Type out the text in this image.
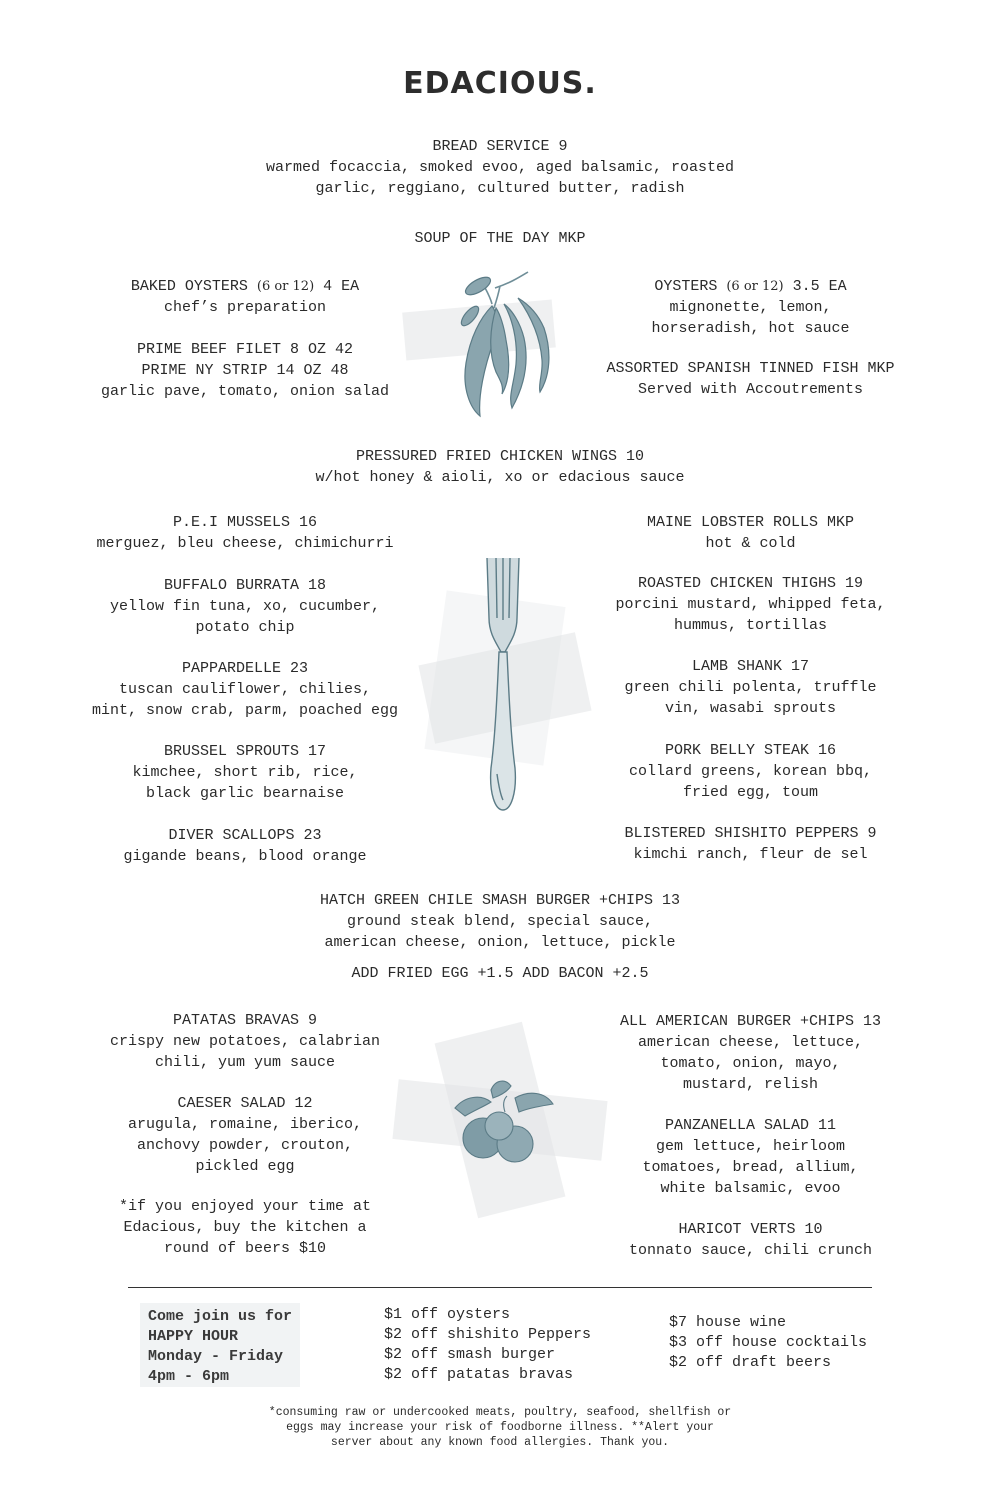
EDACIOUS.
BREAD SERVICE 9
warmed focaccia, smoked evoo, aged balsamic, roasted
garlic, reggiano, cultured butter, radish
SOUP OF THE DAY MKP
BAKED OYSTERS (6 or 12) 4 EA
chef’s preparation
PRIME BEEF FILET 8 OZ 42
PRIME NY STRIP 14 OZ 48
garlic pave, tomato, onion salad
OYSTERS (6 or 12) 3.5 EA
mignonette, lemon,
horseradish, hot sauce
ASSORTED SPANISH TINNED FISH MKP
Served with Accoutrements
PRESSURED FRIED CHICKEN WINGS 10
w/hot honey & aioli, xo or edacious sauce
P.E.I MUSSELS 16
merguez, bleu cheese, chimichurri
BUFFALO BURRATA 18
yellow fin tuna, xo, cucumber,
potato chip
PAPPARDELLE 23
tuscan cauliflower, chilies,
mint, snow crab, parm, poached egg
BRUSSEL SPROUTS 17
kimchee, short rib, rice,
black garlic bearnaise
DIVER SCALLOPS 23
gigande beans, blood orange
MAINE LOBSTER ROLLS MKP
hot & cold
ROASTED CHICKEN THIGHS 19
porcini mustard, whipped feta,
hummus, tortillas
LAMB SHANK 17
green chili polenta, truffle
vin, wasabi sprouts
PORK BELLY STEAK 16
collard greens, korean bbq,
fried egg, toum
BLISTERED SHISHITO PEPPERS 9
kimchi ranch, fleur de sel
HATCH GREEN CHILE SMASH BURGER +CHIPS 13
ground steak blend, special sauce,
american cheese, onion, lettuce, pickle
ADD FRIED EGG +1.5 ADD BACON +2.5
PATATAS BRAVAS 9
crispy new potatoes, calabrian
chili, yum yum sauce
CAESER SALAD 12
arugula, romaine, iberico,
anchovy powder, crouton,
pickled egg
*if you enjoyed your time at
Edacious, buy the kitchen a
round of beers $10
ALL AMERICAN BURGER +CHIPS 13
american cheese, lettuce,
tomato, onion, mayo,
mustard, relish
PANZANELLA SALAD 11
gem lettuce, heirloom
tomatoes, bread, allium,
white balsamic, evoo
HARICOT VERTS 10
tonnato sauce, chili crunch
Come join us for
HAPPY HOUR
Monday - Friday
4pm - 6pm
$1 off oysters
$2 off shishito Peppers
$2 off smash burger
$2 off patatas bravas
$7 house wine
$3 off house cocktails
$2 off draft beers
*consuming raw or undercooked meats, poultry, seafood, shellfish or
eggs may increase your risk of foodborne illness. **Alert your
server about any known food allergies. Thank you.
